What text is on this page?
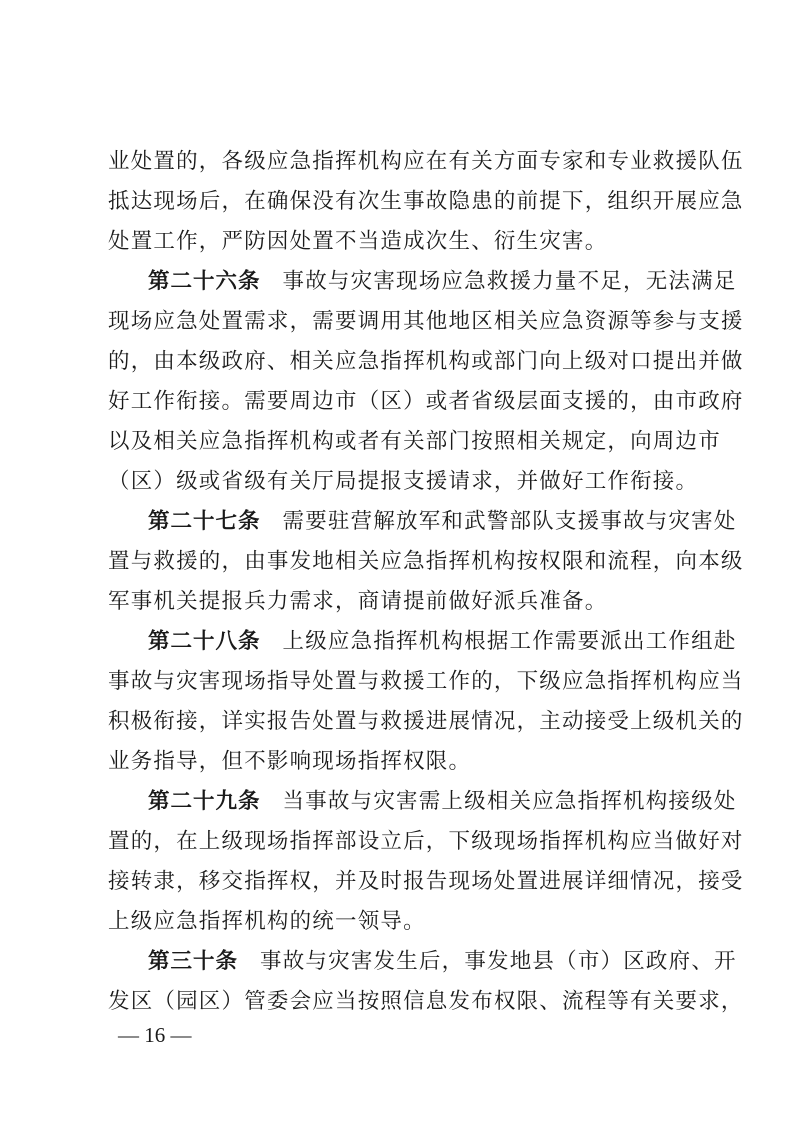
业处置的，各级应急指挥机构应在有关方面专家和专业救援队伍
抵达现场后，在确保没有次生事故隐患的前提下，组织开展应急
处置工作，严防因处置不当造成次生、衍生灾害。
第二十六条 事故与灾害现场应急救援力量不足，无法满足
现场应急处置需求，需要调用其他地区相关应急资源等参与支援
的，由本级政府、相关应急指挥机构或部门向上级对口提出并做
好工作衔接。需要周边市（区）或者省级层面支援的，由市政府
以及相关应急指挥机构或者有关部门按照相关规定，向周边市
（区）级或省级有关厅局提报支援请求，并做好工作衔接。
第二十七条 需要驻营解放军和武警部队支援事故与灾害处
置与救援的，由事发地相关应急指挥机构按权限和流程，向本级
军事机关提报兵力需求，商请提前做好派兵准备。
第二十八条 上级应急指挥机构根据工作需要派出工作组赴
事故与灾害现场指导处置与救援工作的，下级应急指挥机构应当
积极衔接，详实报告处置与救援进展情况，主动接受上级机关的
业务指导，但不影响现场指挥权限。
第二十九条 当事故与灾害需上级相关应急指挥机构接级处
置的，在上级现场指挥部设立后，下级现场指挥机构应当做好对
接转隶，移交指挥权，并及时报告现场处置进展详细情况，接受
上级应急指挥机构的统一领导。
第三十条 事故与灾害发生后，事发地县（市）区政府、开
发区（园区）管委会应当按照信息发布权限、流程等有关要求，
— 16 —
